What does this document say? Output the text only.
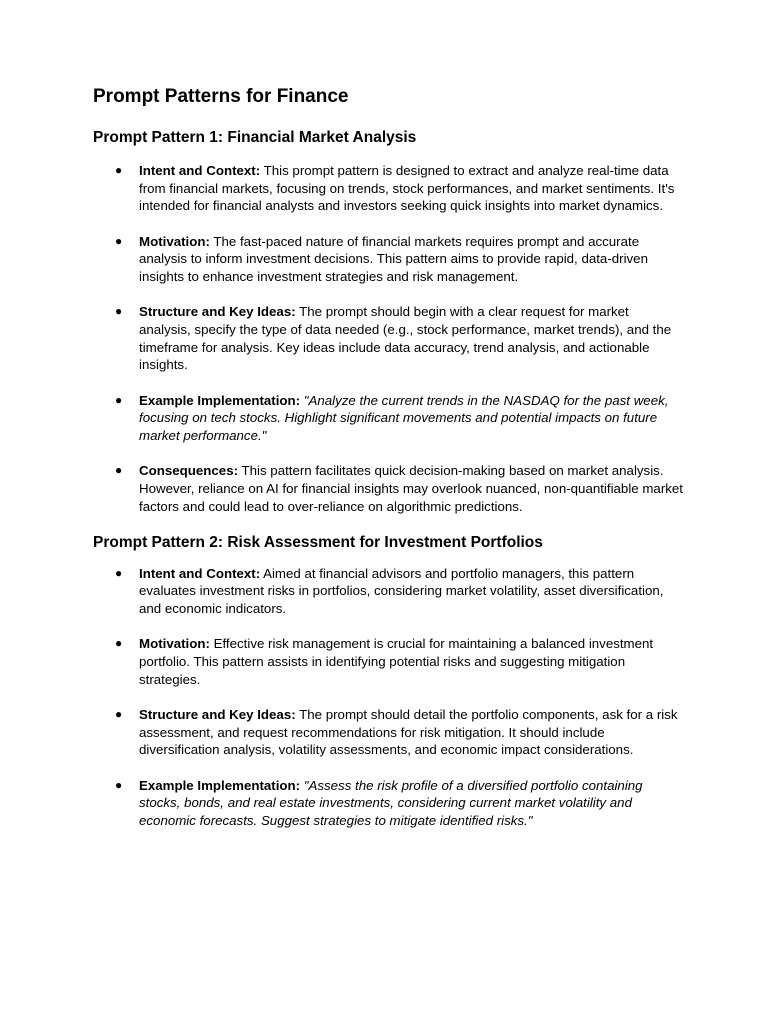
Prompt Patterns for Finance
Prompt Pattern 1: Financial Market Analysis
● Intent and Context: This prompt pattern is designed to extract and analyze real-time data from financial markets, focusing on trends, stock performances, and market sentiments. It's intended for financial analysts and investors seeking quick insights into market dynamics.
● Motivation: The fast-paced nature of financial markets requires prompt and accurate analysis to inform investment decisions. This pattern aims to provide rapid, data-driven insights to enhance investment strategies and risk management.
● Structure and Key Ideas: The prompt should begin with a clear request for market analysis, specify the type of data needed (e.g., stock performance, market trends), and the timeframe for analysis. Key ideas include data accuracy, trend analysis, and actionable insights.
● Example Implementation: "Analyze the current trends in the NASDAQ for the past week, focusing on tech stocks. Highlight significant movements and potential impacts on future market performance."
● Consequences: This pattern facilitates quick decision-making based on market analysis. However, reliance on AI for financial insights may overlook nuanced, non-quantifiable market factors and could lead to over-reliance on algorithmic predictions.
Prompt Pattern 2: Risk Assessment for Investment Portfolios
● Intent and Context: Aimed at financial advisors and portfolio managers, this pattern evaluates investment risks in portfolios, considering market volatility, asset diversification, and economic indicators.
● Motivation: Effective risk management is crucial for maintaining a balanced investment portfolio. This pattern assists in identifying potential risks and suggesting mitigation strategies.
● Structure and Key Ideas: The prompt should detail the portfolio components, ask for a risk assessment, and request recommendations for risk mitigation. It should include diversification analysis, volatility assessments, and economic impact considerations.
● Example Implementation: "Assess the risk profile of a diversified portfolio containing stocks, bonds, and real estate investments, considering current market volatility and economic forecasts. Suggest strategies to mitigate identified risks."
